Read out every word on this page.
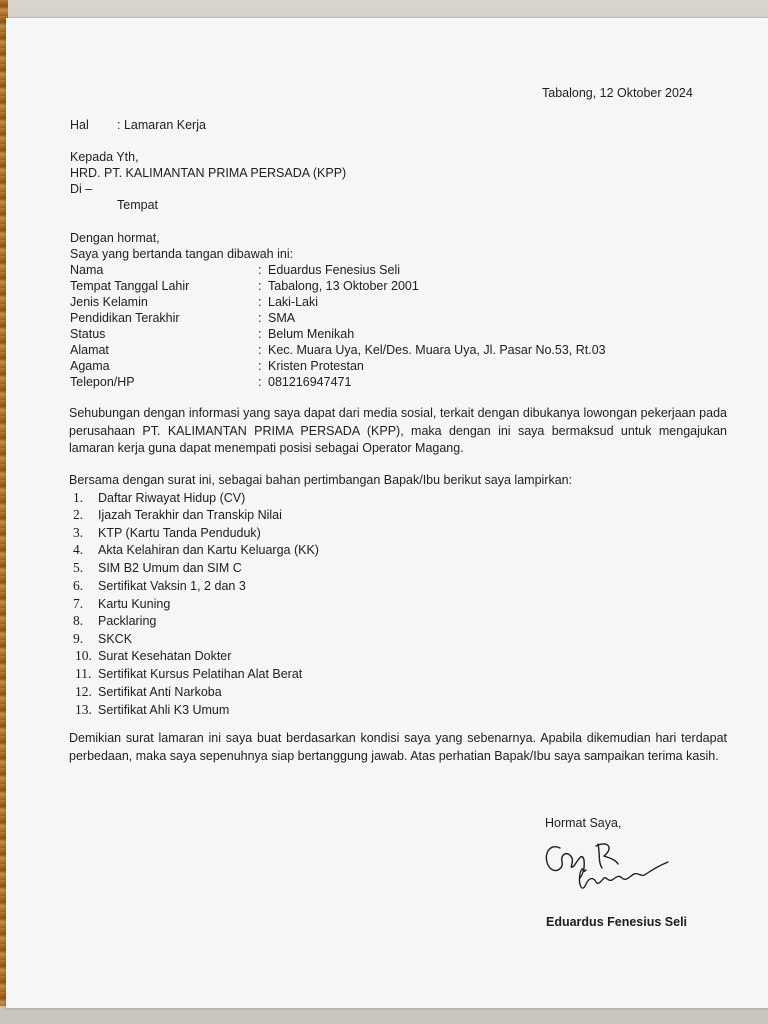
Tabalong, 12 Oktober 2024
Hal : Lamaran Kerja
Kepada Yth,
HRD. PT. KALIMANTAN PRIMA PERSADA (KPP)
Di –
Tempat
Dengan hormat,
Saya yang bertanda tangan dibawah ini:
Nama	: Eduardus Fenesius Seli
Tempat Tanggal Lahir	: Tabalong, 13 Oktober 2001
Jenis Kelamin	: Laki-Laki
Pendidikan Terakhir	: SMA
Status	: Belum Menikah
Alamat	: Kec. Muara Uya, Kel/Des. Muara Uya, Jl. Pasar No.53, Rt.03
Agama	: Kristen Protestan
Telepon/HP	: 081216947471

Sehubungan dengan informasi yang saya dapat dari media sosial, terkait dengan dibukanya lowongan pekerjaan pada perusahaan PT. KALIMANTAN PRIMA PERSADA (KPP), maka dengan ini saya bermaksud untuk mengajukan lamaran kerja guna dapat menempati posisi sebagai Operator Magang.

Bersama dengan surat ini, sebagai bahan pertimbangan Bapak/Ibu berikut saya lampirkan:
1. Daftar Riwayat Hidup (CV)
2. Ijazah Terakhir dan Transkip Nilai
3. KTP (Kartu Tanda Penduduk)
4. Akta Kelahiran dan Kartu Keluarga (KK)
5. SIM B2 Umum dan SIM C
6. Sertifikat Vaksin 1, 2 dan 3
7. Kartu Kuning
8. Packlaring
9. SKCK
10. Surat Kesehatan Dokter
11. Sertifikat Kursus Pelatihan Alat Berat
12. Sertifikat Anti Narkoba
13. Sertifikat Ahli K3 Umum

Demikian surat lamaran ini saya buat berdasarkan kondisi saya yang sebenarnya. Apabila dikemudian hari terdapat perbedaan, maka saya sepenuhnya siap bertanggung jawab. Atas perhatian Bapak/Ibu saya sampaikan terima kasih.

Hormat Saya,
Eduardus Fenesius Seli
